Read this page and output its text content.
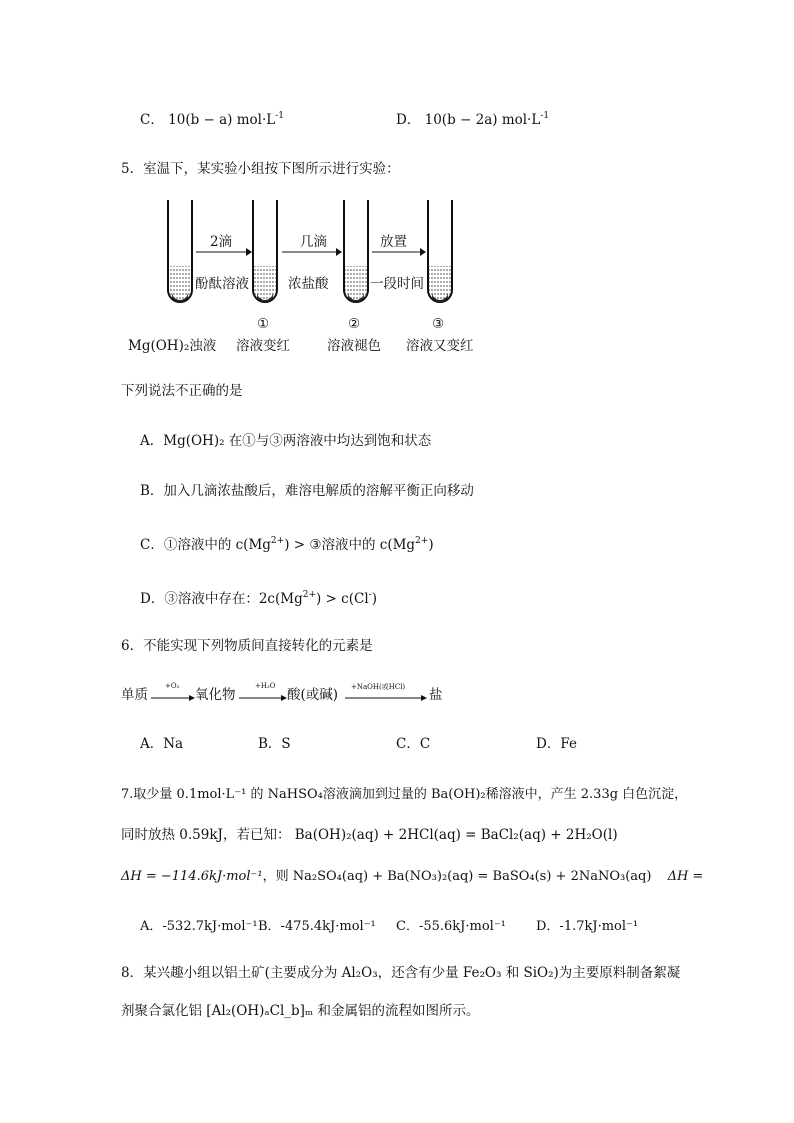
C． 10(b − a) $mol\cdot L^{-1}$	D． 10(b − 2a) $mol\cdot L^{-1}$
5．室温下，某实验小组按下图所示进行实验：
2滴
酚酞溶液
几滴
浓盐酸
放置
一段时间
Mg(OH)₂浊液
①
溶液变红
②
溶液褪色
③
溶液又变红
下列说法不正确的是
A．Mg(OH)₂ 在①与③两溶液中均达到饱和状态
B．加入几滴浓盐酸后，难溶电解质的溶解平衡正向移动
C．①溶液中的 $c(Mg^{2+})$ > ③溶液中的 $c(Mg^{2+})$
D．③溶液中存在：$2c(Mg^{2+}) > c(Cl^-)$
6．不能实现下列物质间直接转化的元素是
单质
+O₂
氧化物
+H₂O
酸(或碱) +NaOH(或HCl) 盐
A．Na	B．S	C．C	D．Fe
7.取少量 0.1mol·L⁻¹ 的 NaHSO₄溶液滴加到过量的 Ba(OH)₂稀溶液中，产生 2.33g 白色沉淀，
同时放热 0.59kJ，若已知： Ba(OH)₂(aq) + 2HCl(aq) = BaCl₂(aq) + 2H₂O(l)
ΔH = −114.6kJ·mol⁻¹，则 Na₂SO₄(aq) + Ba(NO₃)₂(aq) = BaSO₄(s) + 2NaNO₃(aq) ΔH =
A．-532.7kJ·mol⁻¹ B．-475.4kJ·mol⁻¹ C．-55.6kJ·mol⁻¹ D．-1.7kJ·mol⁻¹
8．某兴趣小组以铝土矿(主要成分为 Al₂O₃，还含有少量 Fe₂O₃ 和 SiO₂)为主要原料制备絮凝
剂聚合氯化铝 [Al₂(OH)ₐCl_b]ₘ 和金属铝的流程如图所示。
